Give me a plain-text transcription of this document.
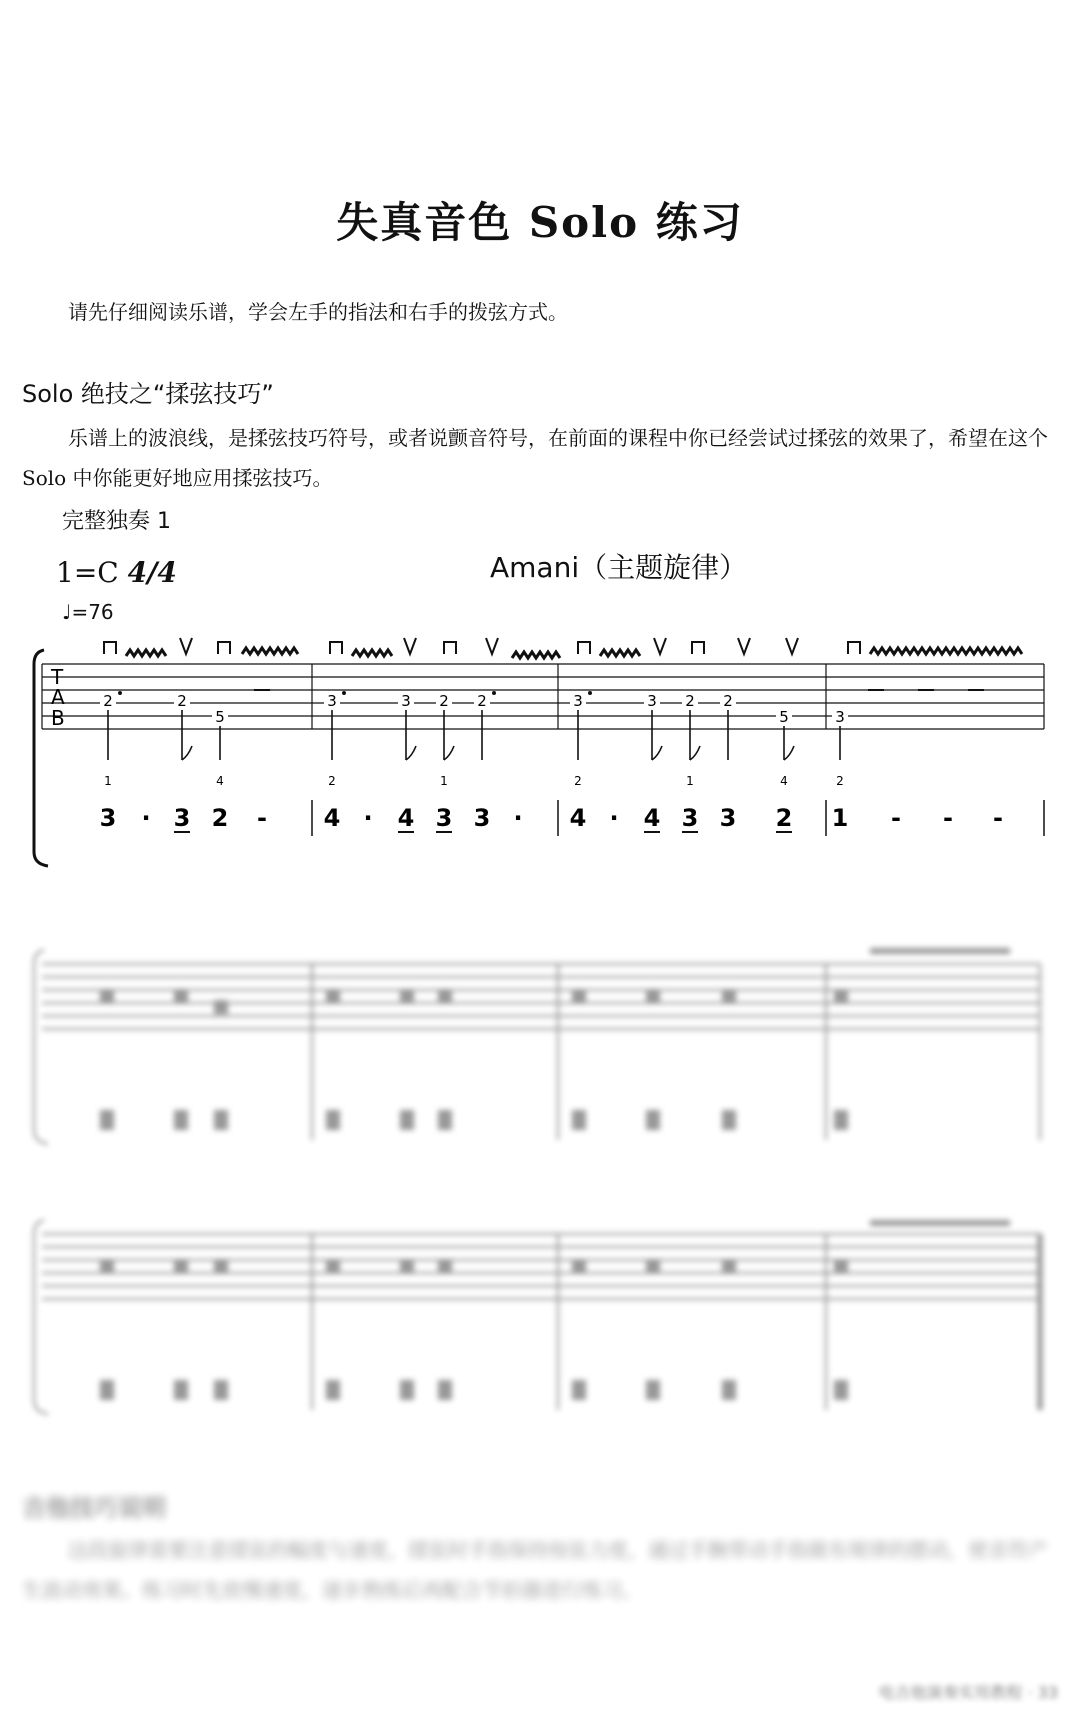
失真音色 Solo 练习
请先仔细阅读乐谱，学会左手的指法和右手的拨弦方式。
Solo 绝技之“揉弦技巧”
乐谱上的波浪线，是揉弦技巧符号，或者说颤音符号，在前面的课程中你已经尝试过揉弦的效果了，希望在这个 Solo 中你能更好地应用揉弦技巧。
完整独奏 1
1=C 4/4	Amani（主题旋律）
♩=76
T
A
B
2	2
5
3	3 2 2	3	3 2 2
5	3
1	4	2	1	2	1	4	2
3 · 3 2 - 4 · 4 3 3 · 4 · 4 3 3 2 1 - - -
吉他技巧说明
这段旋律需要注意揉弦的幅度与速度，揉弦时手指保持按弦力度，通过手腕带动手指做有规律的摆动，使音符产生波动效果。练习时先放慢速度，逐步熟练后再配合节拍器进行练习。
电吉他演奏实用教程 · 33
